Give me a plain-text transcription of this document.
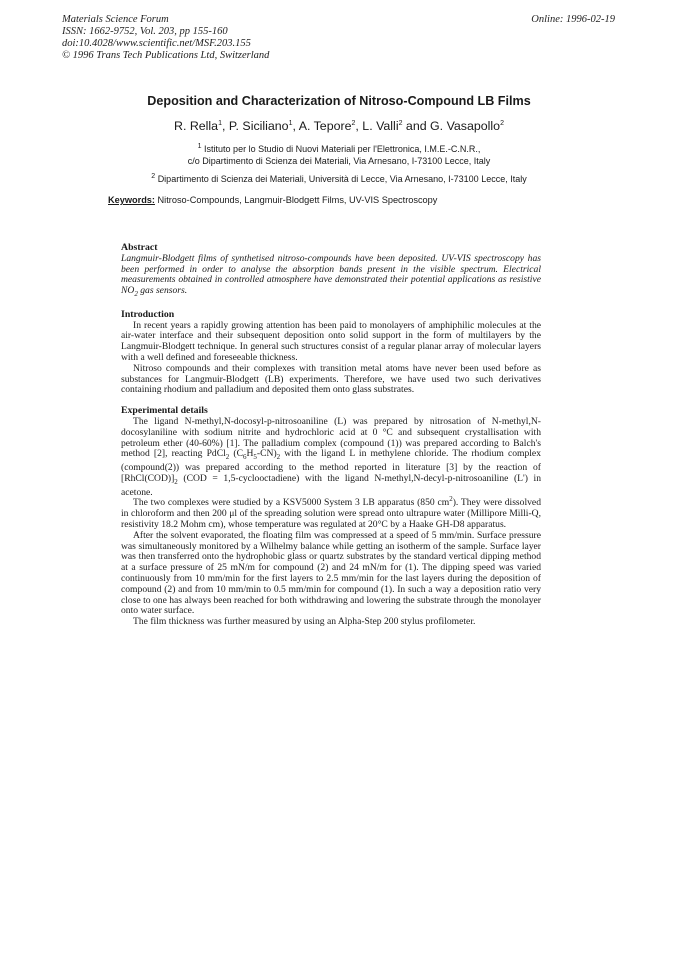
Materials Science Forum
ISSN: 1662-9752, Vol. 203, pp 155-160
doi:10.4028/www.scientific.net/MSF.203.155
© 1996 Trans Tech Publications Ltd, Switzerland
Online: 1996-02-19
Deposition and Characterization of Nitroso-Compound LB Films
R. Rella$^1$, P. Siciliano$^1$, A. Tepore$^2$, L. Valli$^2$ and G. Vasapollo$^2$
$^1$ Istituto per lo Studio di Nuovi Materiali per l'Elettronica, I.M.E.-C.N.R.,
c/o Dipartimento di Scienza dei Materiali, Via Arnesano, I-73100 Lecce, Italy
$^2$ Dipartimento di Scienza dei Materiali, Università di Lecce, Via Arnesano, I-73100 Lecce, Italy
Keywords: Nitroso-Compounds, Langmuir-Blodgett Films, UV-VIS Spectroscopy
Abstract

Langmuir-Blodgett films of synthetised nitroso-compounds have been deposited. UV-VIS spectroscopy has been performed in order to analyse the absorption bands present in the visible spectrum. Electrical measurements obtained in controlled atmosphere have demonstrated their potential applications as resistive $NO_2$ gas sensors.

Introduction

In recent years a rapidly growing attention has been paid to monolayers of amphiphilic molecules at the air-water interface and their subsequent deposition onto solid support in the form of multilayers by the Langmuir-Blodgett technique. In general such structures consist of a regular planar array of molecular layers with a well defined and foreseeable thickness.

Nitroso compounds and their complexes with transition metal atoms have never been used before as substances for Langmuir-Blodgett (LB) experiments. Therefore, we have used two such derivatives containing rhodium and palladium and deposited them onto glass substrates.

Experimental details

The ligand N-methyl,N-docosyl-p-nitrosoaniline (L) was prepared by nitrosation of N-methyl,N-docosylaniline with sodium nitrite and hydrochloric acid at 0 °C and subsequent crystallisation with petroleum ether (40-60%) [1]. The palladium complex (compound (1)) was prepared according to Balch's method [2], reacting PdCl$_2$ $(C_6H_5-CN)_2$ with the ligand L in methylene chloride. The rhodium complex (compound(2)) was prepared according to the method reported in literature [3] by the reaction of $[RhCl(COD)]_2$ (COD = 1,5-cyclooctadiene) with the ligand N-methyl,N-decyl-p-nitrosoaniline (L') in acetone.

The two complexes were studied by a KSV5000 System 3 LB apparatus (850 $cm^2$). They were dissolved in chloroform and then 200 μl of the spreading solution were spread onto ultrapure water (Millipore Milli-Q, resistivity 18.2 Mohm cm), whose temperature was regulated at 20°C by a Haake GH-D8 apparatus.

After the solvent evaporated, the floating film was compressed at a speed of 5 mm/min. Surface pressure was simultaneously monitored by a Wilhelmy balance while getting an isotherm of the sample. Surface layer was then transferred onto the hydrophobic glass or quartz substrates by the standard vertical dipping method at a surface pressure of 25 mN/m for compound (2) and 24 mN/m for (1). The dipping speed was varied continuously from 10 mm/min for the first layers to 2.5 mm/min for the last layers during the deposition of compound (2) and from 10 mm/min to 0.5 mm/min for compound (1). In such a way a deposition ratio very close to one has always been reached for both withdrawing and lowering the substrate through the monolayer onto water surface.

The film thickness was further measured by using an Alpha-Step 200 stylus profilometer.
